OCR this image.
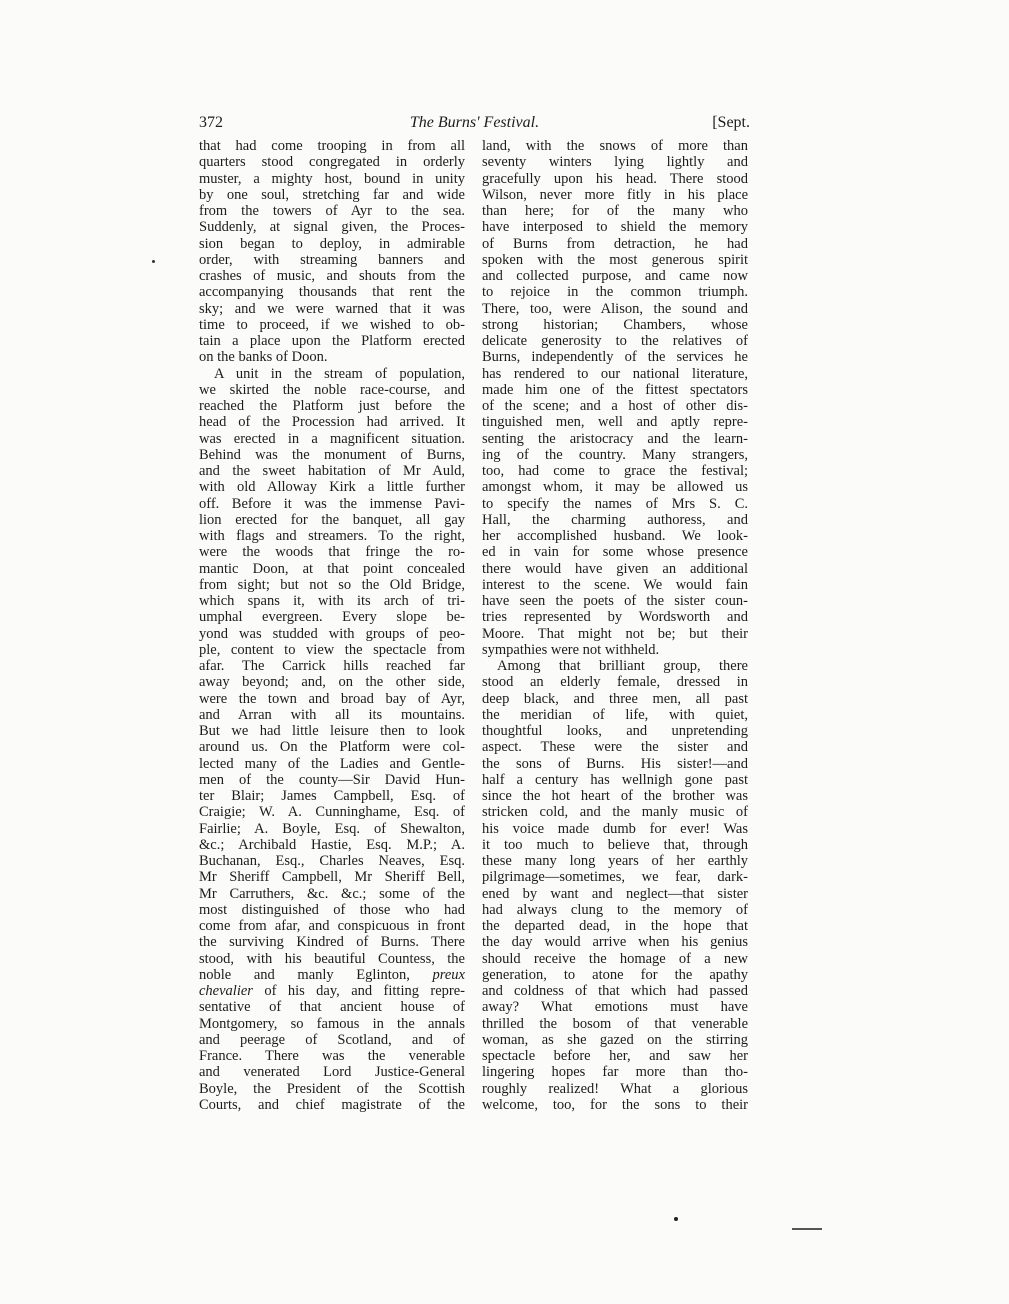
372	The Burns' Festival.	[Sept.
that had come trooping in from all
quarters stood congregated in orderly
muster, a mighty host, bound in unity
by one soul, stretching far and wide
from the towers of Ayr to the sea.
Suddenly, at signal given, the Proces-
sion began to deploy, in admirable
order, with streaming banners and
crashes of music, and shouts from the
accompanying thousands that rent the
sky; and we were warned that it was
time to proceed, if we wished to ob-
tain a place upon the Platform erected
on the banks of Doon.
A unit in the stream of population,
we skirted the noble race-course, and
reached the Platform just before the
head of the Procession had arrived. It
was erected in a magnificent situation.
Behind was the monument of Burns,
and the sweet habitation of Mr Auld,
with old Alloway Kirk a little further
off. Before it was the immense Pavi-
lion erected for the banquet, all gay
with flags and streamers. To the right,
were the woods that fringe the ro-
mantic Doon, at that point concealed
from sight; but not so the Old Bridge,
which spans it, with its arch of tri-
umphal evergreen. Every slope be-
yond was studded with groups of peo-
ple, content to view the spectacle from
afar. The Carrick hills reached far
away beyond; and, on the other side,
were the town and broad bay of Ayr,
and Arran with all its mountains.
But we had little leisure then to look
around us. On the Platform were col-
lected many of the Ladies and Gentle-
men of the county—Sir David Hun-
ter Blair; James Campbell, Esq. of
Craigie; W. A. Cunninghame, Esq. of
Fairlie; A. Boyle, Esq. of Shewalton,
&c.; Archibald Hastie, Esq. M.P.; A.
Buchanan, Esq., Charles Neaves, Esq.
Mr Sheriff Campbell, Mr Sheriff Bell,
Mr Carruthers, &c. &c.; some of the
most distinguished of those who had
come from afar, and conspicuous in front
the surviving Kindred of Burns. There
stood, with his beautiful Countess, the
noble and manly Eglinton, preux
chevalier of his day, and fitting repre-
sentative of that ancient house of
Montgomery, so famous in the annals
and peerage of Scotland, and of
France. There was the venerable
and venerated Lord Justice-General
Boyle, the President of the Scottish
Courts, and chief magistrate of the
land, with the snows of more than
seventy winters lying lightly and
gracefully upon his head. There stood
Wilson, never more fitly in his place
than here; for of the many who
have interposed to shield the memory
of Burns from detraction, he had
spoken with the most generous spirit
and collected purpose, and came now
to rejoice in the common triumph.
There, too, were Alison, the sound and
strong historian; Chambers, whose
delicate generosity to the relatives of
Burns, independently of the services he
has rendered to our national literature,
made him one of the fittest spectators
of the scene; and a host of other dis-
tinguished men, well and aptly repre-
senting the aristocracy and the learn-
ing of the country. Many strangers,
too, had come to grace the festival;
amongst whom, it may be allowed us
to specify the names of Mrs S. C.
Hall, the charming authoress, and
her accomplished husband. We look-
ed in vain for some whose presence
there would have given an additional
interest to the scene. We would fain
have seen the poets of the sister coun-
tries represented by Wordsworth and
Moore. That might not be; but their
sympathies were not withheld.
Among that brilliant group, there
stood an elderly female, dressed in
deep black, and three men, all past
the meridian of life, with quiet,
thoughtful looks, and unpretending
aspect. These were the sister and
the sons of Burns. His sister!—and
half a century has wellnigh gone past
since the hot heart of the brother was
stricken cold, and the manly music of
his voice made dumb for ever! Was
it too much to believe that, through
these many long years of her earthly
pilgrimage—sometimes, we fear, dark-
ened by want and neglect—that sister
had always clung to the memory of
the departed dead, in the hope that
the day would arrive when his genius
should receive the homage of a new
generation, to atone for the apathy
and coldness of that which had passed
away? What emotions must have
thrilled the bosom of that venerable
woman, as she gazed on the stirring
spectacle before her, and saw her
lingering hopes far more than tho-
roughly realized! What a glorious
welcome, too, for the sons to their
